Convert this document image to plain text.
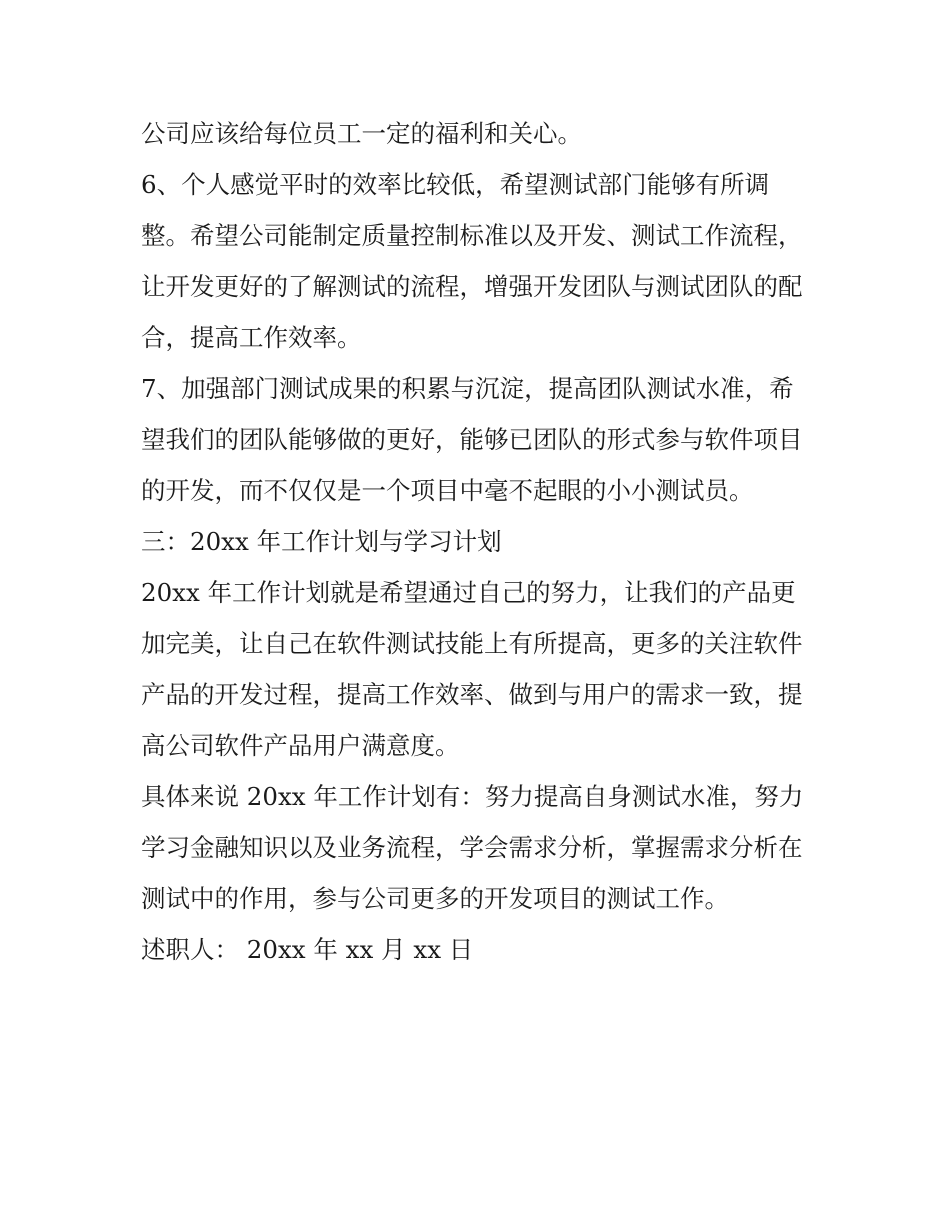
公司应该给每位员工一定的福利和关心。
6、个人感觉平时的效率比较低，希望测试部门能够有所调
整。希望公司能制定质量控制标准以及开发、测试工作流程，
让开发更好的了解测试的流程，增强开发团队与测试团队的配
合，提高工作效率。
7、加强部门测试成果的积累与沉淀，提高团队测试水准，希
望我们的团队能够做的更好，能够已团队的形式参与软件项目
的开发，而不仅仅是一个项目中毫不起眼的小小测试员。
三：20xx 年工作计划与学习计划
20xx 年工作计划就是希望通过自己的努力，让我们的产品更
加完美，让自己在软件测试技能上有所提高，更多的关注软件
产品的开发过程，提高工作效率、做到与用户的需求一致，提
高公司软件产品用户满意度。
具体来说 20xx 年工作计划有：努力提高自身测试水准，努力
学习金融知识以及业务流程，学会需求分析，掌握需求分析在
测试中的作用，参与公司更多的开发项目的测试工作。
述职人： 20xx 年 xx 月 xx 日
